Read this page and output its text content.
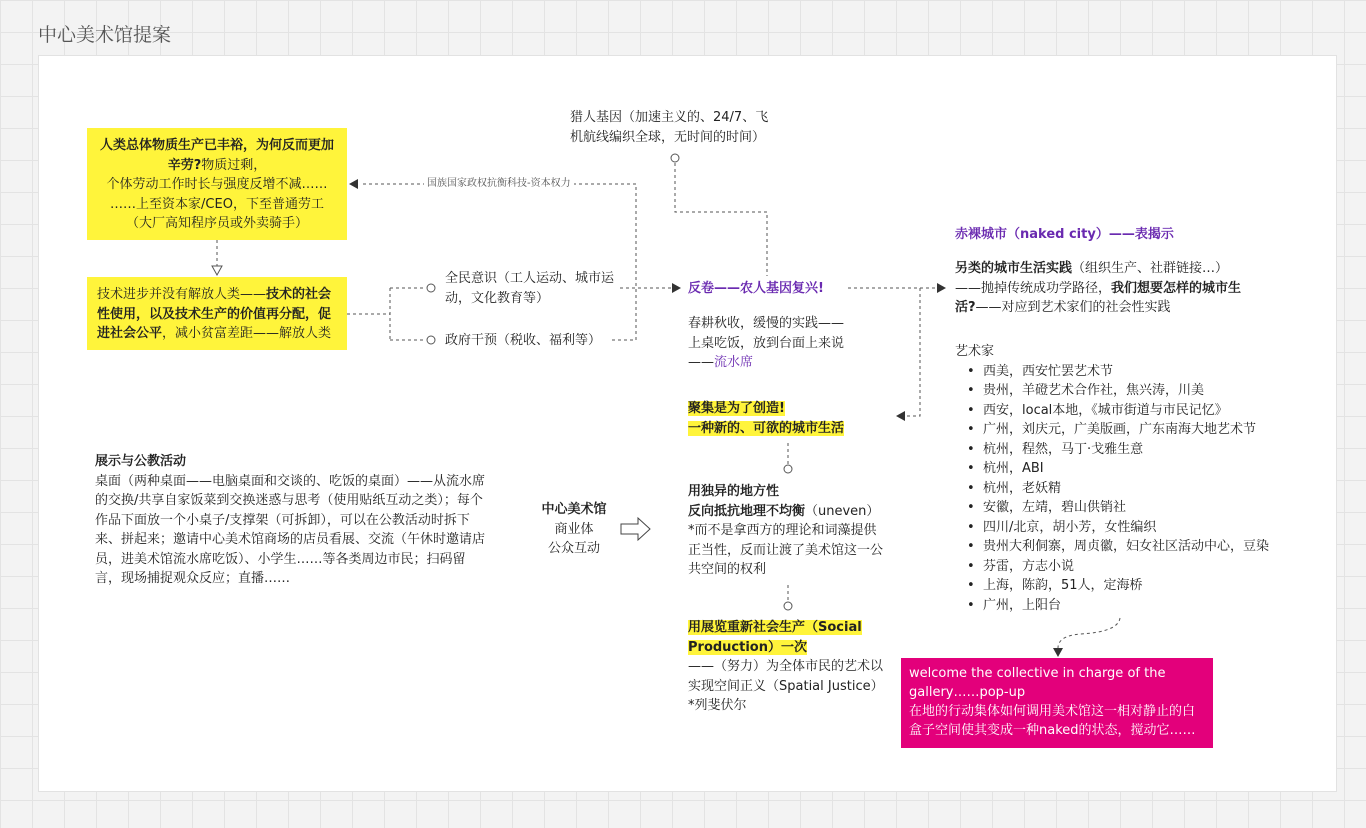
中心美术馆提案
国族国家政权抗衡科技-资本权力
人类总体物质生产已丰裕，为何反而更加辛劳?物质过剩，
个体劳动工作时长与强度反增不减……
……上至资本家/CEO，下至普通劳工
（大厂高知程序员或外卖骑手）
技术进步并没有解放人类——技术的社会性使用，以及技术生产的价值再分配，促进社会公平，减小贫富差距——解放人类
全民意识（工人运动、城市运动，文化教育等）
政府干预（税收、福利等）
猎人基因（加速主义的、24/7、飞机航线编织全球，无时间的时间）
反卷——农人基因复兴!
春耕秋收，缓慢的实践——上桌吃饭，放到台面上来说——流水席
聚集是为了创造!
一种新的、可欲的城市生活
用独异的地方性
反向抵抗地理不均衡（uneven）
*而不是拿西方的理论和词藻提供正当性，反而让渡了美术馆这一公共空间的权利
用展览重新社会生产（Social Production）一次
——（努力）为全体市民的艺术以实现空间正义（Spatial Justice）*列斐伏尔
中心美术馆
商业体
公众互动
展示与公教活动
桌面（两种桌面——电脑桌面和交谈的、吃饭的桌面）——从流水席的交换/共享自家饭菜到交换迷惑与思考（使用贴纸互动之类）；每个作品下面放一个小桌子/支撑架（可拆卸），可以在公教活动时拆下来、拼起来；邀请中心美术馆商场的店员看展、交流（午休时邀请店员，进美术馆流水席吃饭）、小学生……等各类周边市民；扫码留言，现场捕捉观众反应；直播……
赤裸城市（naked city）——表揭示
另类的城市生活实践（组织生产、社群链接…）——抛掉传统成功学路径，我们想要怎样的城市生活?——对应到艺术家们的社会性实践
艺术家
• 西美，西安忙罢艺术节
• 贵州，羊磴艺术合作社，焦兴涛，川美
• 西安，local本地，《城市街道与市民记忆》
• 广州，刘庆元，广美版画，广东南海大地艺术节
• 杭州，程然，马丁·戈雅生意
• 杭州，ABI
• 杭州，老妖精
• 安徽，左靖，碧山供销社
• 四川/北京，胡小芳，女性编织
• 贵州大利侗寨，周贞徽，妇女社区活动中心，豆染
• 芬雷，方志小说
• 上海，陈韵，51人，定海桥
• 广州，上阳台
welcome the collective in charge of the gallery……pop-up
在地的行动集体如何调用美术馆这一相对静止的白盒子空间使其变成一种naked的状态，搅动它……
